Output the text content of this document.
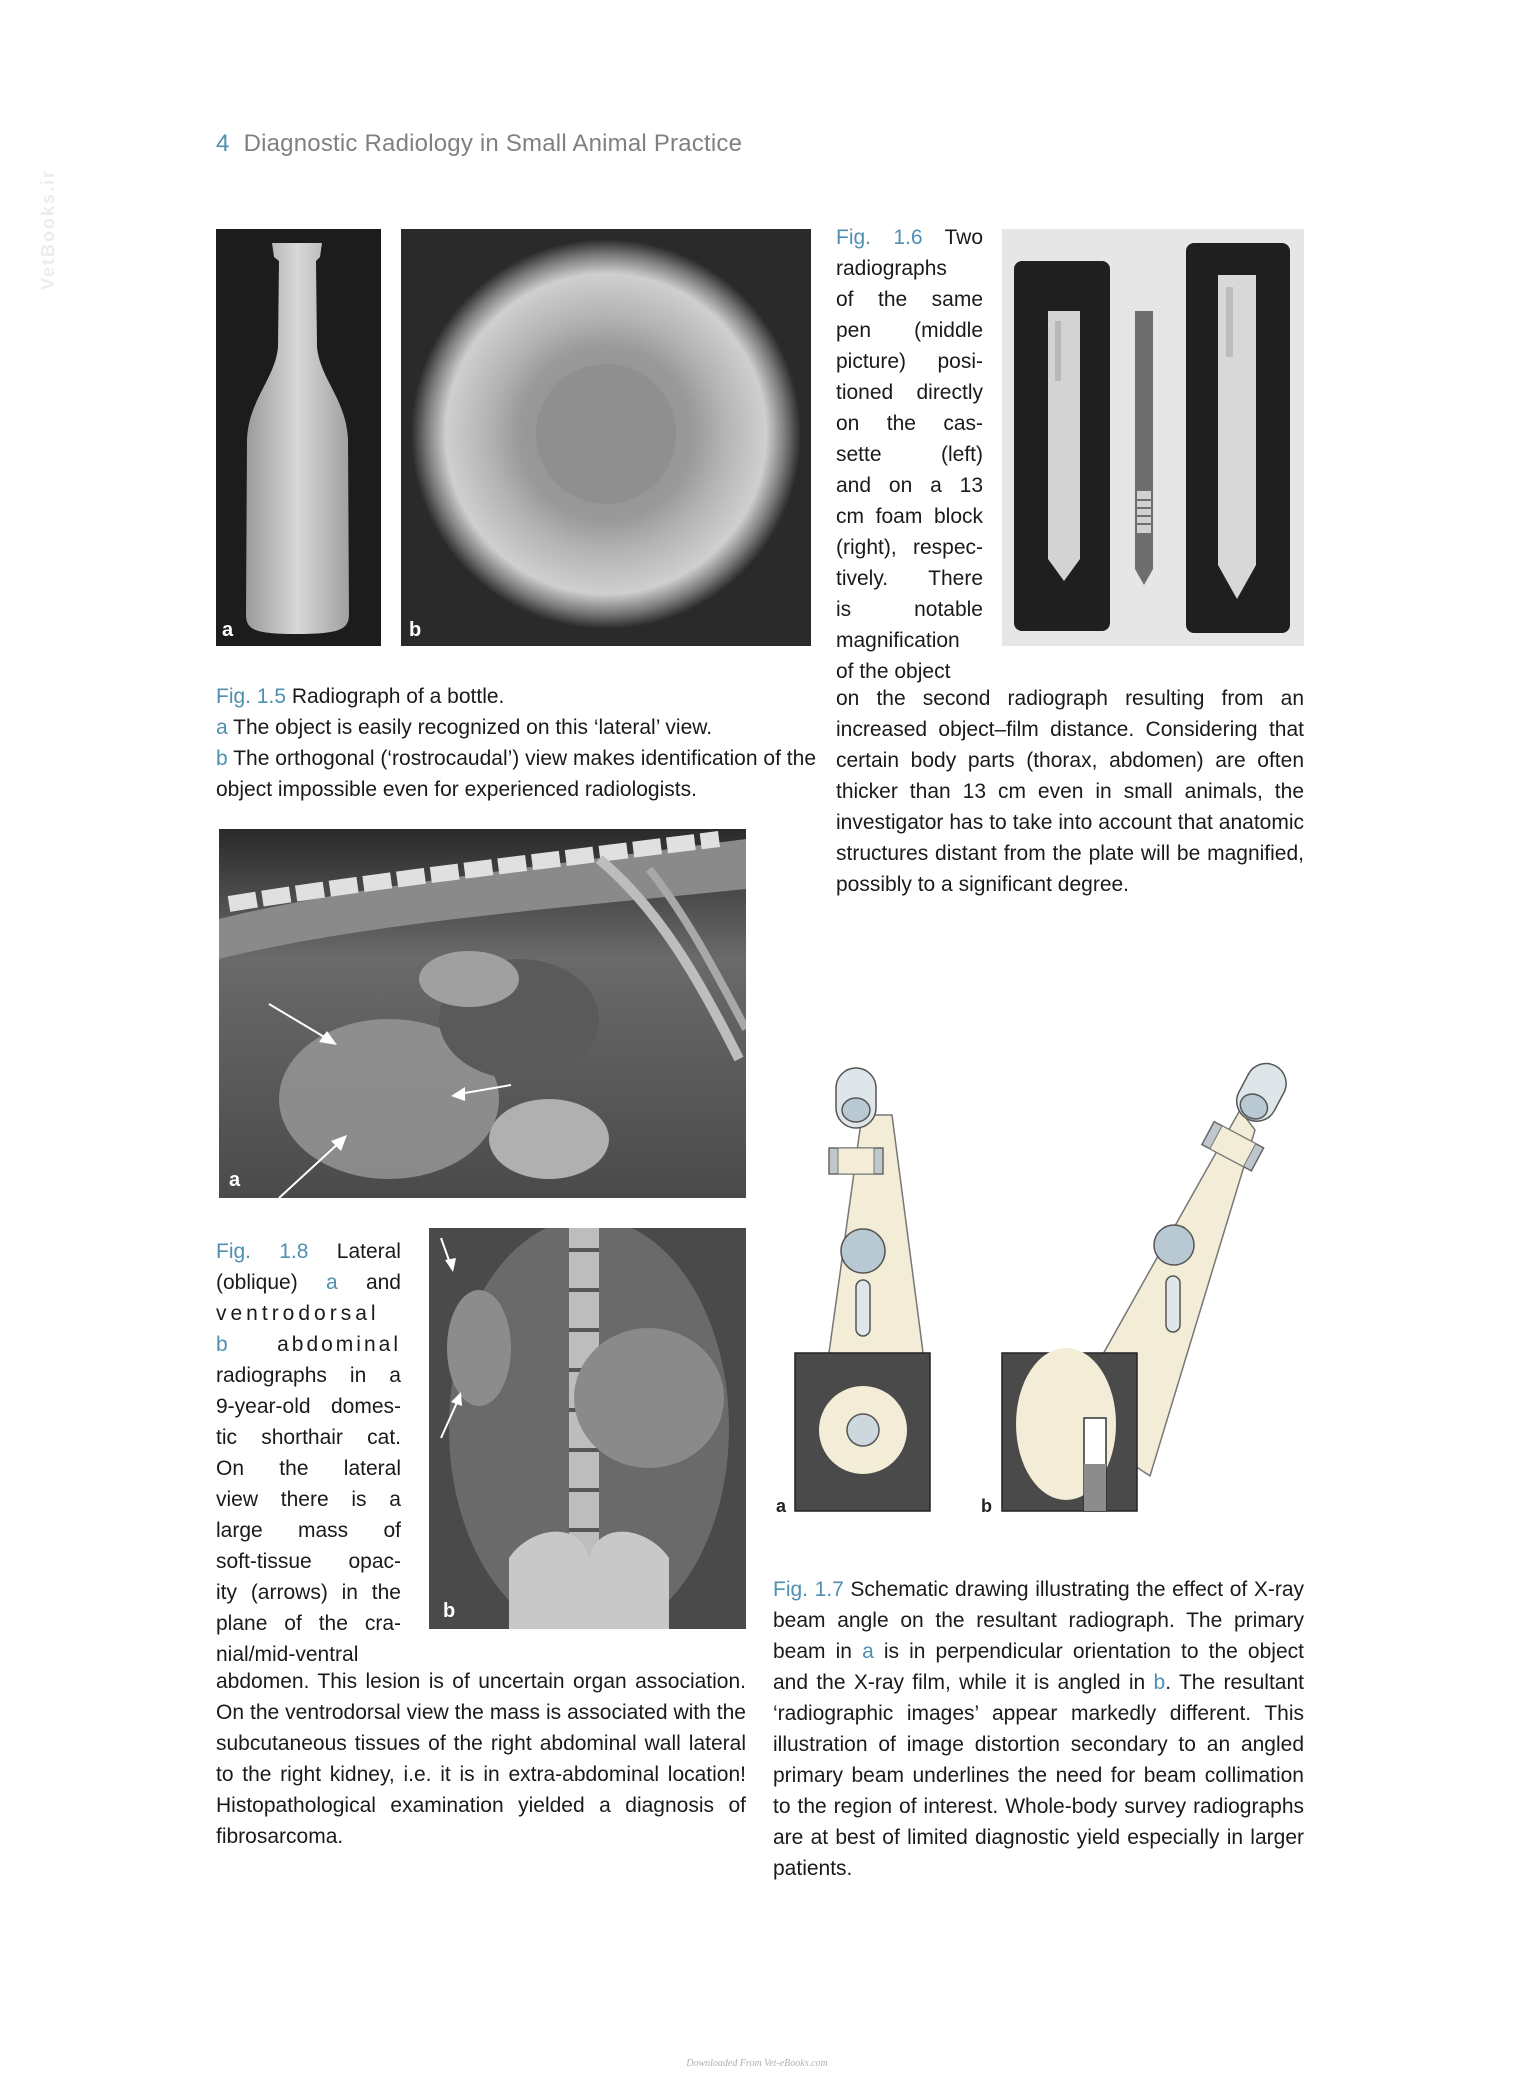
4 Diagnostic Radiology in Small Animal Practice
VetBooks.ir
a	b

Fig. 1.5 Radiograph of a bottle.

a The object is easily recognized on this ‘lateral’ view.

b The orthogonal (‘rostrocaudal’) view makes identification of the object impossible even for experienced radiologists.

Fig. 1.6 Two

radiographs

of the same

pen (middle

picture) posi-

tioned directly

on the cas-

sette (left)

and on a 13

cm foam block

(right), respec-

tively. There

is notable

magnification

of the object

on the second radiograph resulting from an increased object–film distance. Considering that certain body parts (thorax, abdomen) are often thicker than 13 cm even in small animals, the investigator has to take into account that anatomic structures distant from the plate will be magnified, possibly to a significant degree.

a
b

Fig. 1.8 Lateral

(oblique) a and

ventrodorsal

b abdominal

radiographs in a

9-year-old domes-

tic shorthair cat.

On the lateral

view there is a

large mass of

soft-tissue opac-

ity (arrows) in the

plane of the cra-

nial/mid-ventral

abdomen. This lesion is of uncertain organ association. On the ventrodorsal view the mass is associated with the subcutaneous tissues of the right abdominal wall lateral to the right kidney, i.e. it is in extra-abdominal location! Histopathological examination yielded a diagnosis of fibrosarcoma.

a	b

Fig. 1.7 Schematic drawing illustrating the effect of X-ray beam angle on the resultant radiograph. The primary beam in a is in perpendicular orientation to the object and the X-ray film, while it is angled in b. The resultant ‘radiographic images’ appear markedly different. This illustration of image distortion secondary to an angled primary beam underlines the need for beam collimation to the region of interest. Whole-body survey radiographs are at best of limited diagnostic yield especially in larger patients.

Downloaded From Vet-eBooks.com
